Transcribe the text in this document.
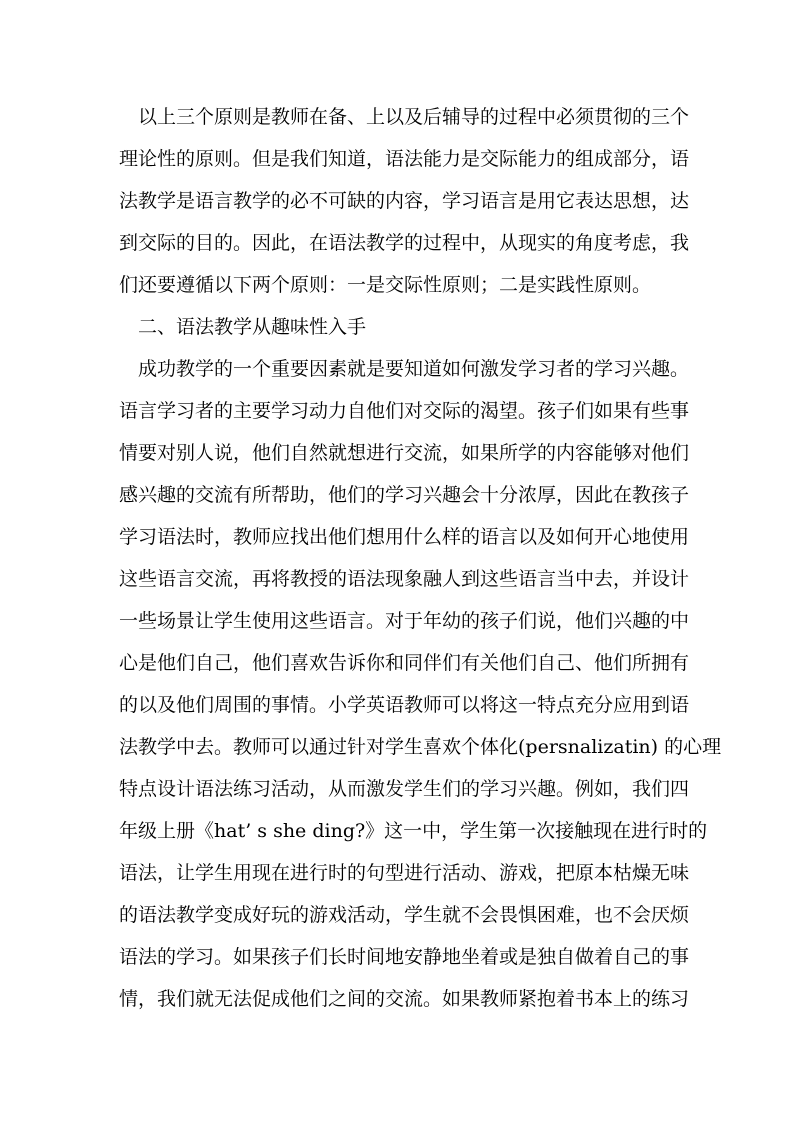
　以上三个原则是教师在备、上以及后辅导的过程中必须贯彻的三个
理论性的原则。但是我们知道，语法能力是交际能力的组成部分，语
法教学是语言教学的必不可缺的内容，学习语言是用它表达思想，达
到交际的目的。因此，在语法教学的过程中，从现实的角度考虑，我
们还要遵循以下两个原则：一是交际性原则；二是实践性原则。
　二、语法教学从趣味性入手
　成功教学的一个重要因素就是要知道如何激发学习者的学习兴趣。
语言学习者的主要学习动力自他们对交际的渴望。孩子们如果有些事
情要对别人说，他们自然就想进行交流，如果所学的内容能够对他们
感兴趣的交流有所帮助，他们的学习兴趣会十分浓厚，因此在教孩子
学习语法时，教师应找出他们想用什么样的语言以及如何开心地使用
这些语言交流，再将教授的语法现象融人到这些语言当中去，并设计
一些场景让学生使用这些语言。对于年幼的孩子们说，他们兴趣的中
心是他们自己，他们喜欢告诉你和同伴们有关他们自己、他们所拥有
的以及他们周围的事情。小学英语教师可以将这一特点充分应用到语
法教学中去。教师可以通过针对学生喜欢个体化(persnalizatin) 的心理
特点设计语法练习活动，从而激发学生们的学习兴趣。例如，我们四
年级上册《hat’ s she ding?》这一中，学生第一次接触现在进行时的
语法，让学生用现在进行时的句型进行活动、游戏，把原本枯燥无味
的语法教学变成好玩的游戏活动，学生就不会畏惧困难，也不会厌烦
语法的学习。如果孩子们长时间地安静地坐着或是独自做着自己的事
情，我们就无法促成他们之间的交流。如果教师紧抱着书本上的练习
